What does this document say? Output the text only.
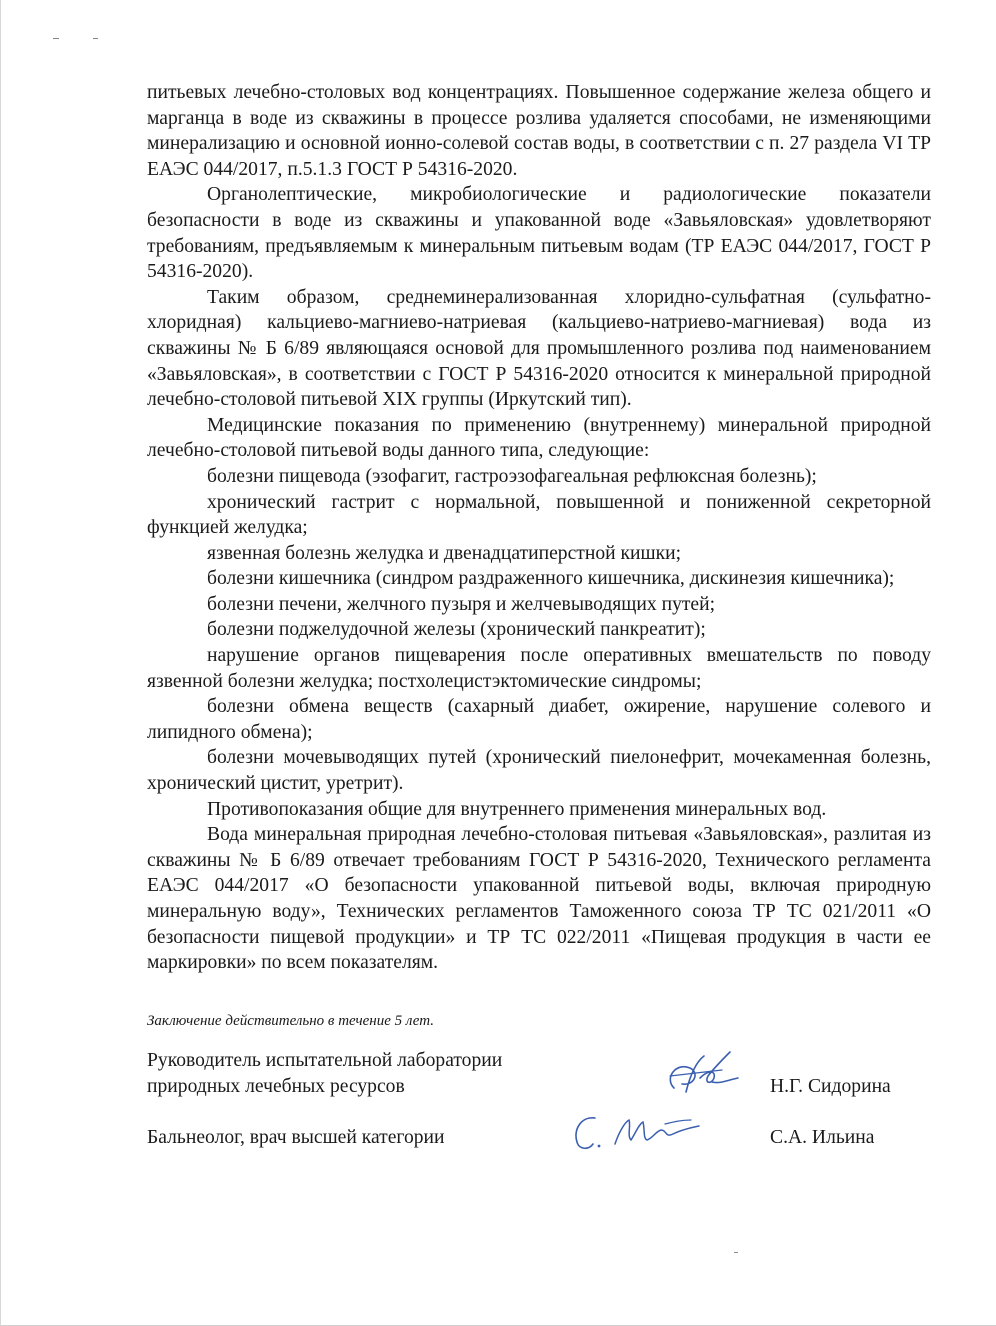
питьевых лечебно-столовых вод концентрациях. Повышенное содержание железа общего и марганца в воде из скважины в процессе розлива удаляется способами, не изменяющими минерализацию и основной ионно-солевой состав воды, в соответствии с п. 27 раздела VI ТР ЕАЭС 044/2017, п.5.1.3 ГОСТ Р 54316-2020.

Органолептические, микробиологические и радиологические показатели безопасности в воде из скважины и упакованной воде «Завьяловская» удовлетворяют требованиям, предъявляемым к минеральным питьевым водам (ТР ЕАЭС 044/2017, ГОСТ Р 54316-2020).

Таким образом, среднеминерализованная хлоридно-сульфатная (сульфатно-хлоридная) кальциево-магниево-натриевая (кальциево-натриево-магниевая) вода из скважины № Б 6/89 являющаяся основой для промышленного розлива под наименованием «Завьяловская», в соответствии с ГОСТ Р 54316-2020 относится к минеральной природной лечебно-столовой питьевой XIX группы (Иркутский тип).

Медицинские показания по применению (внутреннему) минеральной природной лечебно-столовой питьевой воды данного типа, следующие:

болезни пищевода (эзофагит, гастроэзофагеальная рефлюксная болезнь);

хронический гастрит с нормальной, повышенной и пониженной секреторной функцией желудка;

язвенная болезнь желудка и двенадцатиперстной кишки;

болезни кишечника (синдром раздраженного кишечника, дискинезия кишечника);

болезни печени, желчного пузыря и желчевыводящих путей;

болезни поджелудочной железы (хронический панкреатит);

нарушение органов пищеварения после оперативных вмешательств по поводу язвенной болезни желудка; постхолецистэктомические синдромы;

болезни обмена веществ (сахарный диабет, ожирение, нарушение солевого и липидного обмена);

болезни мочевыводящих путей (хронический пиелонефрит, мочекаменная болезнь, хронический цистит, уретрит).

Противопоказания общие для внутреннего применения минеральных вод.

Вода минеральная природная лечебно-столовая питьевая «Завьяловская», разлитая из скважины № Б 6/89 отвечает требованиям ГОСТ Р 54316-2020, Технического регламента ЕАЭС 044/2017 «О безопасности упакованной питьевой воды, включая природную минеральную воду», Технических регламентов Таможенного союза ТР ТС 021/2011 «О безопасности пищевой продукции» и ТР ТС 022/2011 «Пищевая продукция в части ее маркировки» по всем показателям.

Заключение действительно в течение 5 лет.
Руководитель испытательной лаборатории
природных лечебных ресурсов	Н.Г. Сидорина
Бальнеолог, врач высшей категории	С.А. Ильина
